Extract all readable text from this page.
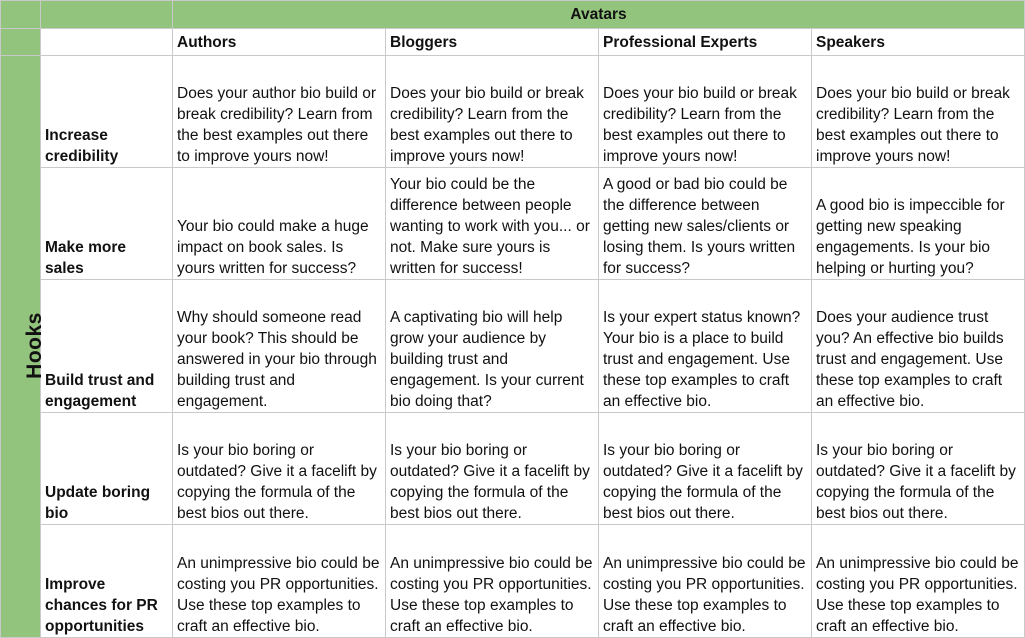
		Avatars			
		Authors	Bloggers	Professional Experts	Speakers
Hooks	Increase credibility	Does your author bio build or break credibility? Learn from the best examples out there to improve yours now!	Does your bio build or break credibility? Learn from the best examples out there to improve yours now!	Does your bio build or break credibility? Learn from the best examples out there to improve yours now!	Does your bio build or break credibility? Learn from the best examples out there to improve yours now!
	Make more sales	Your bio could make a huge impact on book sales. Is yours written for success?	Your bio could be the difference between people wanting to work with you... or not. Make sure yours is written for success!	A good or bad bio could be the difference between getting new sales/clients or losing them. Is yours written for success?	A good bio is impeccible for getting new speaking engagements. Is your bio helping or hurting you?
	Build trust and engagement	Why should someone read your book? This should be answered in your bio through building trust and engagement.	A captivating bio will help grow your audience by building trust and engagement. Is your current bio doing that?	Is your expert status known? Your bio is a place to build trust and engagement. Use these top examples to craft an effective bio.	Does your audience trust you? An effective bio builds trust and engagement. Use these top examples to craft an effective bio.
	Update boring bio	Is your bio boring or outdated? Give it a facelift by copying the formula of the best bios out there.	Is your bio boring or outdated? Give it a facelift by copying the formula of the best bios out there.	Is your bio boring or outdated? Give it a facelift by copying the formula of the best bios out there.	Is your bio boring or outdated? Give it a facelift by copying the formula of the best bios out there.
	Improve chances for PR opportunities	An unimpressive bio could be costing you PR opportunities. Use these top examples to craft an effective bio.	An unimpressive bio could be costing you PR opportunities. Use these top examples to craft an effective bio.	An unimpressive bio could be costing you PR opportunities. Use these top examples to craft an effective bio.	An unimpressive bio could be costing you PR opportunities. Use these top examples to craft an effective bio.
